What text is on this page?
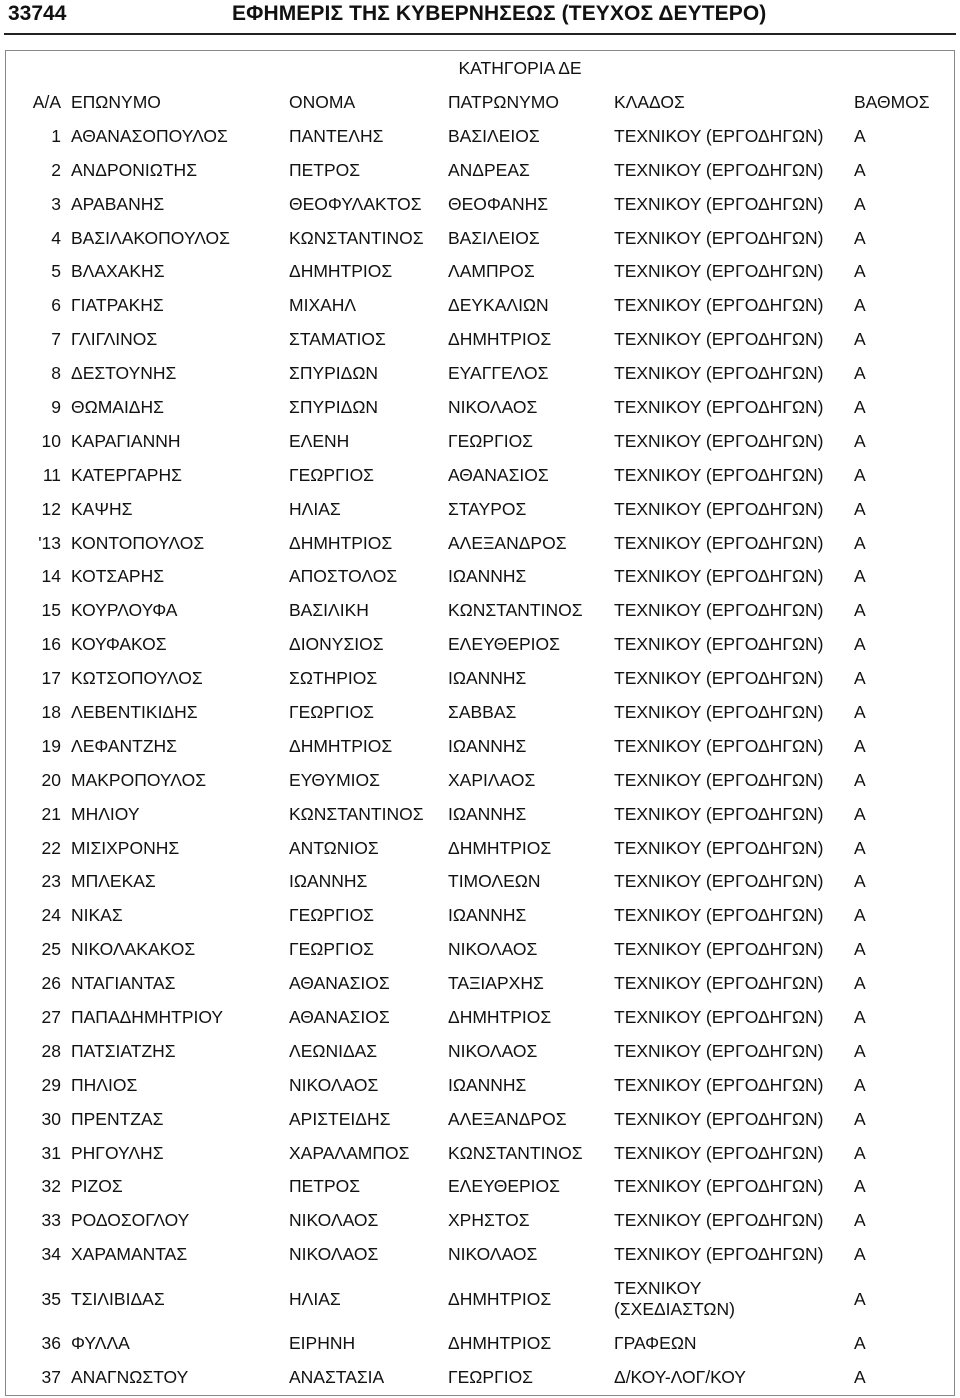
33744	ΕΦΗΜΕΡΙΣ ΤΗΣ ΚΥΒΕΡΝΗΣΕΩΣ (ΤΕΥΧΟΣ ΔΕΥΤΕΡΟ)
ΚΑΤΗΓΟΡΙΑ ΔΕ					
Α/Α	ΕΠΩΝΥΜΟ	ΟΝΟΜΑ	ΠΑΤΡΩΝΥΜΟ	ΚΛΑΔΟΣ	ΒΑΘΜΟΣ
1	ΑΘΑΝΑΣΟΠΟΥΛΟΣ	ΠΑΝΤΕΛΗΣ	ΒΑΣΙΛΕΙΟΣ	ΤΕΧΝΙΚΟΥ (ΕΡΓΟΔΗΓΩΝ)	Α
2	ΑΝΔΡΟΝΙΩΤΗΣ	ΠΕΤΡΟΣ	ΑΝΔΡΕΑΣ	ΤΕΧΝΙΚΟΥ (ΕΡΓΟΔΗΓΩΝ)	Α
3	ΑΡΑΒΑΝΗΣ	ΘΕΟΦΥΛΑΚΤΟΣ	ΘΕΟΦΑΝΗΣ	ΤΕΧΝΙΚΟΥ (ΕΡΓΟΔΗΓΩΝ)	Α
4	ΒΑΣΙΛΑΚΟΠΟΥΛΟΣ	ΚΩΝΣΤΑΝΤΙΝΟΣ	ΒΑΣΙΛΕΙΟΣ	ΤΕΧΝΙΚΟΥ (ΕΡΓΟΔΗΓΩΝ)	Α
5	ΒΛΑΧΑΚΗΣ	ΔΗΜΗΤΡΙΟΣ	ΛΑΜΠΡΟΣ	ΤΕΧΝΙΚΟΥ (ΕΡΓΟΔΗΓΩΝ)	Α
6	ΓΙΑΤΡΑΚΗΣ	ΜΙΧΑΗΛ	ΔΕΥΚΑΛΙΩΝ	ΤΕΧΝΙΚΟΥ (ΕΡΓΟΔΗΓΩΝ)	Α
7	ΓΛΙΓΛΙΝΟΣ	ΣΤΑΜΑΤΙΟΣ	ΔΗΜΗΤΡΙΟΣ	ΤΕΧΝΙΚΟΥ (ΕΡΓΟΔΗΓΩΝ)	Α
8	ΔΕΣΤΟΥΝΗΣ	ΣΠΥΡΙΔΩΝ	ΕΥΑΓΓΕΛΟΣ	ΤΕΧΝΙΚΟΥ (ΕΡΓΟΔΗΓΩΝ)	Α
9	ΘΩΜΑΙΔΗΣ	ΣΠΥΡΙΔΩΝ	ΝΙΚΟΛΑΟΣ	ΤΕΧΝΙΚΟΥ (ΕΡΓΟΔΗΓΩΝ)	Α
10	ΚΑΡΑΓΙΑΝΝΗ	ΕΛΕΝΗ	ΓΕΩΡΓΙΟΣ	ΤΕΧΝΙΚΟΥ (ΕΡΓΟΔΗΓΩΝ)	Α
11	ΚΑΤΕΡΓΑΡΗΣ	ΓΕΩΡΓΙΟΣ	ΑΘΑΝΑΣΙΟΣ	ΤΕΧΝΙΚΟΥ (ΕΡΓΟΔΗΓΩΝ)	Α
12	ΚΑΨΗΣ	ΗΛΙΑΣ	ΣΤΑΥΡΟΣ	ΤΕΧΝΙΚΟΥ (ΕΡΓΟΔΗΓΩΝ)	Α
'13	ΚΟΝΤΟΠΟΥΛΟΣ	ΔΗΜΗΤΡΙΟΣ	ΑΛΕΞΑΝΔΡΟΣ	ΤΕΧΝΙΚΟΥ (ΕΡΓΟΔΗΓΩΝ)	Α
14	ΚΟΤΣΑΡΗΣ	ΑΠΟΣΤΟΛΟΣ	ΙΩΑΝΝΗΣ	ΤΕΧΝΙΚΟΥ (ΕΡΓΟΔΗΓΩΝ)	Α
15	ΚΟΥΡΛΟΥΦΑ	ΒΑΣΙΛΙΚΗ	ΚΩΝΣΤΑΝΤΙΝΟΣ	ΤΕΧΝΙΚΟΥ (ΕΡΓΟΔΗΓΩΝ)	Α
16	ΚΟΥΦΑΚΟΣ	ΔΙΟΝΥΣΙΟΣ	ΕΛΕΥΘΕΡΙΟΣ	ΤΕΧΝΙΚΟΥ (ΕΡΓΟΔΗΓΩΝ)	Α
17	ΚΩΤΣΟΠΟΥΛΟΣ	ΣΩΤΗΡΙΟΣ	ΙΩΑΝΝΗΣ	ΤΕΧΝΙΚΟΥ (ΕΡΓΟΔΗΓΩΝ)	Α
18	ΛΕΒΕΝΤΙΚΙΔΗΣ	ΓΕΩΡΓΙΟΣ	ΣΑΒΒΑΣ	ΤΕΧΝΙΚΟΥ (ΕΡΓΟΔΗΓΩΝ)	Α
19	ΛΕΦΑΝΤΖΗΣ	ΔΗΜΗΤΡΙΟΣ	ΙΩΑΝΝΗΣ	ΤΕΧΝΙΚΟΥ (ΕΡΓΟΔΗΓΩΝ)	Α
20	ΜΑΚΡΟΠΟΥΛΟΣ	ΕΥΘΥΜΙΟΣ	ΧΑΡΙΛΑΟΣ	ΤΕΧΝΙΚΟΥ (ΕΡΓΟΔΗΓΩΝ)	Α
21	ΜΗΛΙΟΥ	ΚΩΝΣΤΑΝΤΙΝΟΣ	ΙΩΑΝΝΗΣ	ΤΕΧΝΙΚΟΥ (ΕΡΓΟΔΗΓΩΝ)	Α
22	ΜΙΣΙΧΡΟΝΗΣ	ΑΝΤΩΝΙΟΣ	ΔΗΜΗΤΡΙΟΣ	ΤΕΧΝΙΚΟΥ (ΕΡΓΟΔΗΓΩΝ)	Α
23	ΜΠΛΕΚΑΣ	ΙΩΑΝΝΗΣ	ΤΙΜΟΛΕΩΝ	ΤΕΧΝΙΚΟΥ (ΕΡΓΟΔΗΓΩΝ)	Α
24	ΝΙΚΑΣ	ΓΕΩΡΓΙΟΣ	ΙΩΑΝΝΗΣ	ΤΕΧΝΙΚΟΥ (ΕΡΓΟΔΗΓΩΝ)	Α
25	ΝΙΚΟΛΑΚΑΚΟΣ	ΓΕΩΡΓΙΟΣ	ΝΙΚΟΛΑΟΣ	ΤΕΧΝΙΚΟΥ (ΕΡΓΟΔΗΓΩΝ)	Α
26	ΝΤΑΓΙΑΝΤΑΣ	ΑΘΑΝΑΣΙΟΣ	ΤΑΞΙΑΡΧΗΣ	ΤΕΧΝΙΚΟΥ (ΕΡΓΟΔΗΓΩΝ)	Α
27	ΠΑΠΑΔΗΜΗΤΡΙΟΥ	ΑΘΑΝΑΣΙΟΣ	ΔΗΜΗΤΡΙΟΣ	ΤΕΧΝΙΚΟΥ (ΕΡΓΟΔΗΓΩΝ)	Α
28	ΠΑΤΣΙΑΤΖΗΣ	ΛΕΩΝΙΔΑΣ	ΝΙΚΟΛΑΟΣ	ΤΕΧΝΙΚΟΥ (ΕΡΓΟΔΗΓΩΝ)	Α
29	ΠΗΛΙΟΣ	ΝΙΚΟΛΑΟΣ	ΙΩΑΝΝΗΣ	ΤΕΧΝΙΚΟΥ (ΕΡΓΟΔΗΓΩΝ)	Α
30	ΠΡΕΝΤΖΑΣ	ΑΡΙΣΤΕΙΔΗΣ	ΑΛΕΞΑΝΔΡΟΣ	ΤΕΧΝΙΚΟΥ (ΕΡΓΟΔΗΓΩΝ)	Α
31	ΡΗΓΟΥΛΗΣ	ΧΑΡΑΛΑΜΠΟΣ	ΚΩΝΣΤΑΝΤΙΝΟΣ	ΤΕΧΝΙΚΟΥ (ΕΡΓΟΔΗΓΩΝ)	Α
32	ΡΙΖΟΣ	ΠΕΤΡΟΣ	ΕΛΕΥΘΕΡΙΟΣ	ΤΕΧΝΙΚΟΥ (ΕΡΓΟΔΗΓΩΝ)	Α
33	ΡΟΔΟΣΟΓΛΟΥ	ΝΙΚΟΛΑΟΣ	ΧΡΗΣΤΟΣ	ΤΕΧΝΙΚΟΥ (ΕΡΓΟΔΗΓΩΝ)	Α
34	ΧΑΡΑΜΑΝΤΑΣ	ΝΙΚΟΛΑΟΣ	ΝΙΚΟΛΑΟΣ	ΤΕΧΝΙΚΟΥ (ΕΡΓΟΔΗΓΩΝ)	Α
35	ΤΣΙΛΙΒΙΔΑΣ	ΗΛΙΑΣ	ΔΗΜΗΤΡΙΟΣ	ΤΕΧΝΙΚΟΥ
(ΣΧΕΔΙΑΣΤΩΝ)	Α
36	ΦΥΛΛΑ	ΕΙΡΗΝΗ	ΔΗΜΗΤΡΙΟΣ	ΓΡΑΦΕΩΝ	Α
37	ΑΝΑΓΝΩΣΤΟΥ	ΑΝΑΣΤΑΣΙΑ	ΓΕΩΡΓΙΟΣ	Δ/ΚΟΥ-ΛΟΓ/ΚΟΥ	Α
